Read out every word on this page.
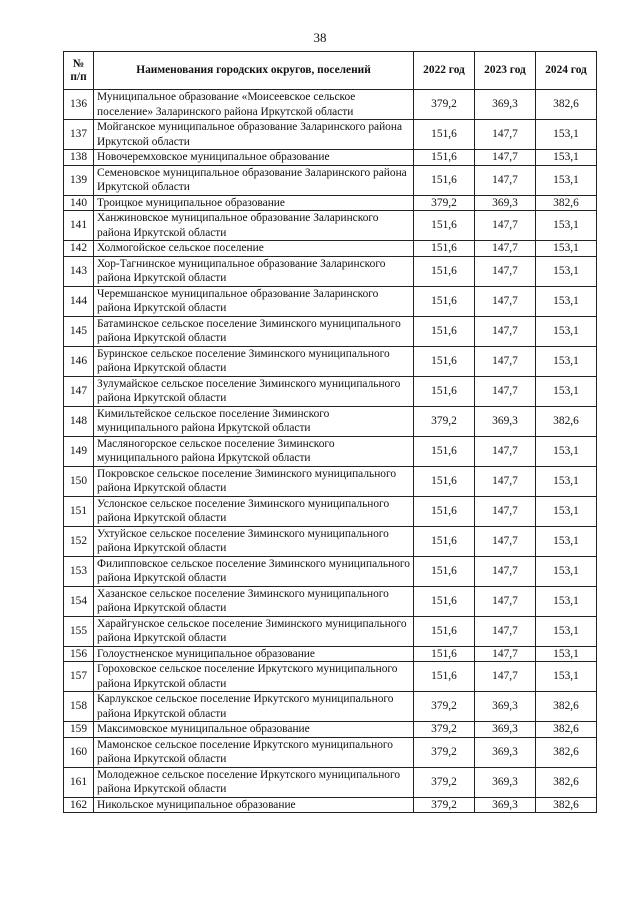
38
№
п/п	Наименования городских округов, поселений	2022 год	2023 год	2024 год
136	Муниципальное образование «Моисеевское сельское поселение» Заларинского района Иркутской области	379,2	369,3	382,6
137	Мойганское муниципальное образование Заларинского района Иркутской области	151,6	147,7	153,1
138	Новочеремховское муниципальное образование	151,6	147,7	153,1
139	Семеновское муниципальное образование Заларинского района Иркутской области	151,6	147,7	153,1
140	Троицкое муниципальное образование	379,2	369,3	382,6
141	Ханжиновское муниципальное образование Заларинского района Иркутской области	151,6	147,7	153,1
142	Холмогойское сельское поселение	151,6	147,7	153,1
143	Хор-Тагнинское муниципальное образование Заларинского района Иркутской области	151,6	147,7	153,1
144	Черемшанское муниципальное образование Заларинского района Иркутской области	151,6	147,7	153,1
145	Батаминское сельское поселение Зиминского муниципального района Иркутской области	151,6	147,7	153,1
146	Буринское сельское поселение Зиминского муниципального района Иркутской области	151,6	147,7	153,1
147	Зулумайское сельское поселение Зиминского муниципального района Иркутской области	151,6	147,7	153,1
148	Кимильтейское сельское поселение Зиминского муниципального района Иркутской области	379,2	369,3	382,6
149	Масляногорское сельское поселение Зиминского муниципального района Иркутской области	151,6	147,7	153,1
150	Покровское сельское поселение Зиминского муниципального района Иркутской области	151,6	147,7	153,1
151	Услонское сельское поселение Зиминского муниципального района Иркутской области	151,6	147,7	153,1
152	Ухтуйское сельское поселение Зиминского муниципального района Иркутской области	151,6	147,7	153,1
153	Филипповское сельское поселение Зиминского муниципального района Иркутской области	151,6	147,7	153,1
154	Хазанское сельское поселение Зиминского муниципального района Иркутской области	151,6	147,7	153,1
155	Харайгунское сельское поселение Зиминского муниципального района Иркутской области	151,6	147,7	153,1
156	Голоустненское муниципальное образование	151,6	147,7	153,1
157	Гороховское сельское поселение Иркутского муниципального района Иркутской области	151,6	147,7	153,1
158	Карлукское сельское поселение Иркутского муниципального района Иркутской области	379,2	369,3	382,6
159	Максимовское муниципальное образование	379,2	369,3	382,6
160	Мамонское сельское поселение Иркутского муниципального района Иркутской области	379,2	369,3	382,6
161	Молодежное сельское поселение Иркутского муниципального района Иркутской области	379,2	369,3	382,6
162	Никольское муниципальное образование	379,2	369,3	382,6
